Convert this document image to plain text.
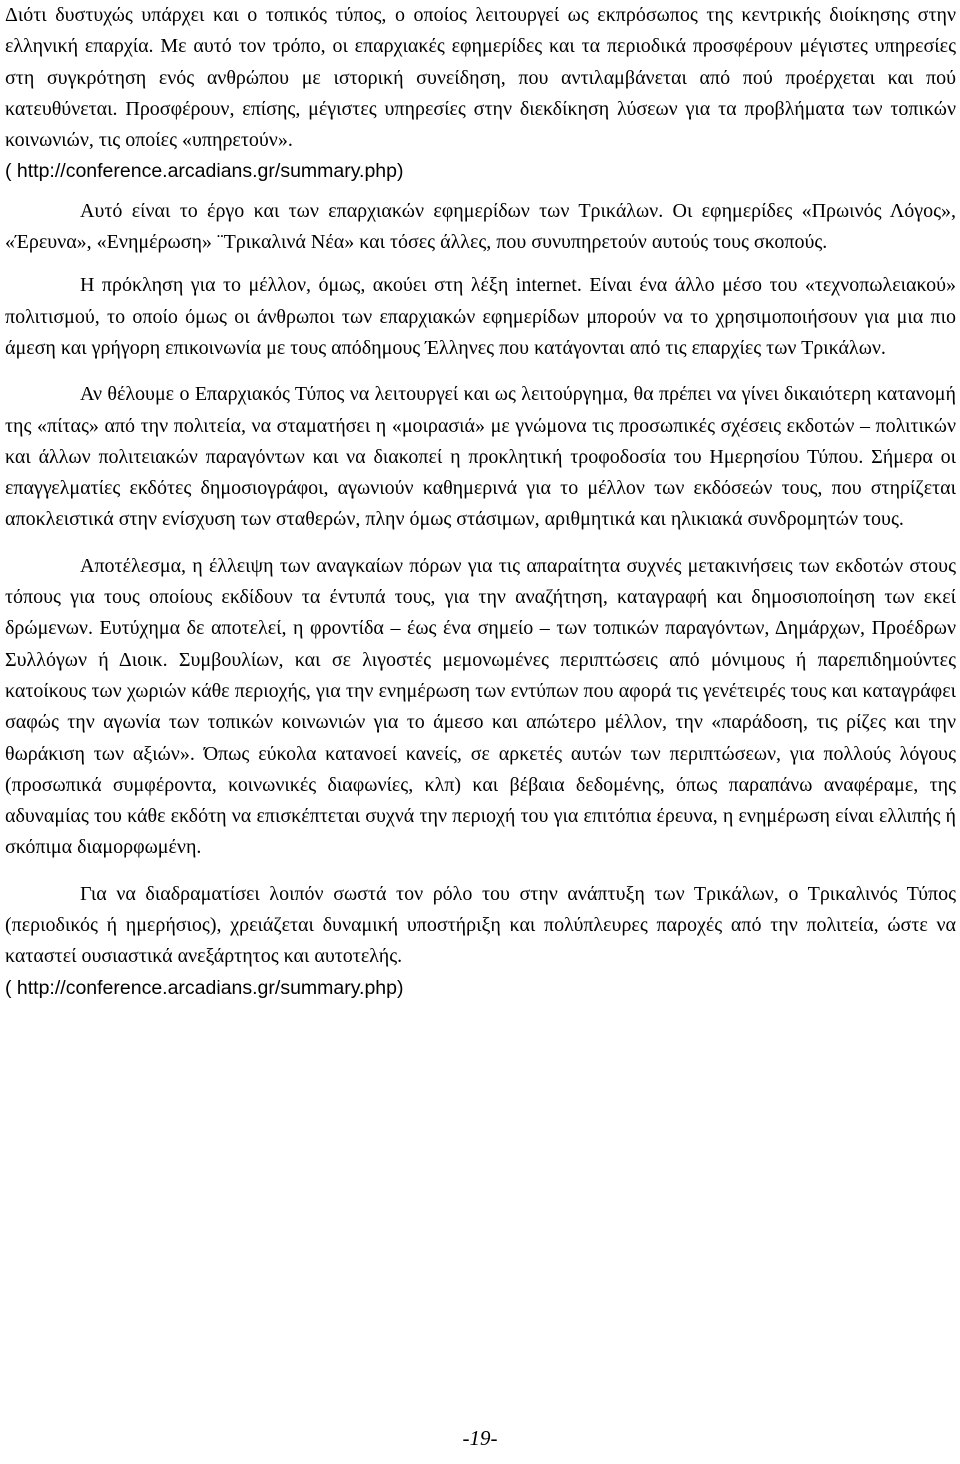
Διότι δυστυχώς υπάρχει και ο τοπικός τύπος, ο οποίος λειτουργεί ως εκπρόσωπος της κεντρικής διοίκησης στην ελληνική επαρχία. Με αυτό τον τρόπο, οι επαρχιακές εφημερίδες και τα περιοδικά προσφέρουν μέγιστες υπηρεσίες στη συγκρότηση ενός ανθρώπου με ιστορική συνείδηση, που αντιλαμβάνεται από πού προέρχεται και πού κατευθύνεται. Προσφέρουν, επίσης, μέγιστες υπηρεσίες στην διεκδίκηση λύσεων για τα προβλήματα των τοπικών κοινωνιών, τις οποίες «υπηρετούν».

( http://conference.arcadians.gr/summary.php)

Αυτό είναι το έργο και των επαρχιακών εφημερίδων των Τρικάλων. Οι εφημερίδες «Πρωινός Λόγος», «Έρευνα», «Ενημέρωση» ¨Τρικαλινά Νέα» και τόσες άλλες, που συνυπηρετούν αυτούς τους σκοπούς.

Η πρόκληση για το μέλλον, όμως, ακούει στη λέξη internet. Είναι ένα άλλο μέσο του «τεχνοπωλειακού» πολιτισμού, το οποίο όμως οι άνθρωποι των επαρχιακών εφημερίδων μπορούν να το χρησιμοποιήσουν για μια πιο άμεση και γρήγορη επικοινωνία με τους απόδημους Έλληνες που κατάγονται από τις επαρχίες των Τρικάλων.

Αν θέλουμε ο Επαρχιακός Τύπος να λειτουργεί και ως λειτούργημα, θα πρέπει να γίνει δικαιότερη κατανομή της «πίτας» από την πολιτεία, να σταματήσει η «μοιρασιά» με γνώμονα τις προσωπικές σχέσεις εκδοτών – πολιτικών και άλλων πολιτειακών παραγόντων και να διακοπεί η προκλητική τροφοδοσία του Ημερησίου Τύπου. Σήμερα οι επαγγελματίες εκδότες δημοσιογράφοι, αγωνιούν καθημερινά για το μέλλον των εκδόσεών τους, που στηρίζεται αποκλειστικά στην ενίσχυση των σταθερών, πλην όμως στάσιμων, αριθμητικά και ηλικιακά συνδρομητών τους.

Αποτέλεσμα, η έλλειψη των αναγκαίων πόρων για τις απαραίτητα συχνές μετακινήσεις των εκδοτών στους τόπους για τους οποίους εκδίδουν τα έντυπά τους, για την αναζήτηση, καταγραφή και δημοσιοποίηση των εκεί δρώμενων. Ευτύχημα δε αποτελεί, η φροντίδα – έως ένα σημείο – των τοπικών παραγόντων, Δημάρχων, Προέδρων Συλλόγων ή Διοικ. Συμβουλίων, και σε λιγοστές μεμονωμένες περιπτώσεις από μόνιμους ή παρεπιδημούντες κατοίκους των χωριών κάθε περιοχής, για την ενημέρωση των εντύπων που αφορά τις γενέτειρές τους και καταγράφει σαφώς την αγωνία των τοπικών κοινωνιών για το άμεσο και απώτερο μέλλον, την «παράδοση, τις ρίζες και την θωράκιση των αξιών». Όπως εύκολα κατανοεί κανείς, σε αρκετές αυτών των περιπτώσεων, για πολλούς λόγους (προσωπικά συμφέροντα, κοινωνικές διαφωνίες, κλπ) και βέβαια δεδομένης, όπως παραπάνω αναφέραμε, της αδυναμίας του κάθε εκδότη να επισκέπτεται συχνά την περιοχή του για επιτόπια έρευνα, η ενημέρωση είναι ελλιπής ή σκόπιμα διαμορφωμένη.

Για να διαδραματίσει λοιπόν σωστά τον ρόλο του στην ανάπτυξη των Τρικάλων, ο Τρικαλινός Τύπος (περιοδικός ή ημερήσιος), χρειάζεται δυναμική υποστήριξη και πολύπλευρες παροχές από την πολιτεία, ώστε να καταστεί ουσιαστικά ανεξάρτητος και αυτοτελής.

( http://conference.arcadians.gr/summary.php)

-19-
